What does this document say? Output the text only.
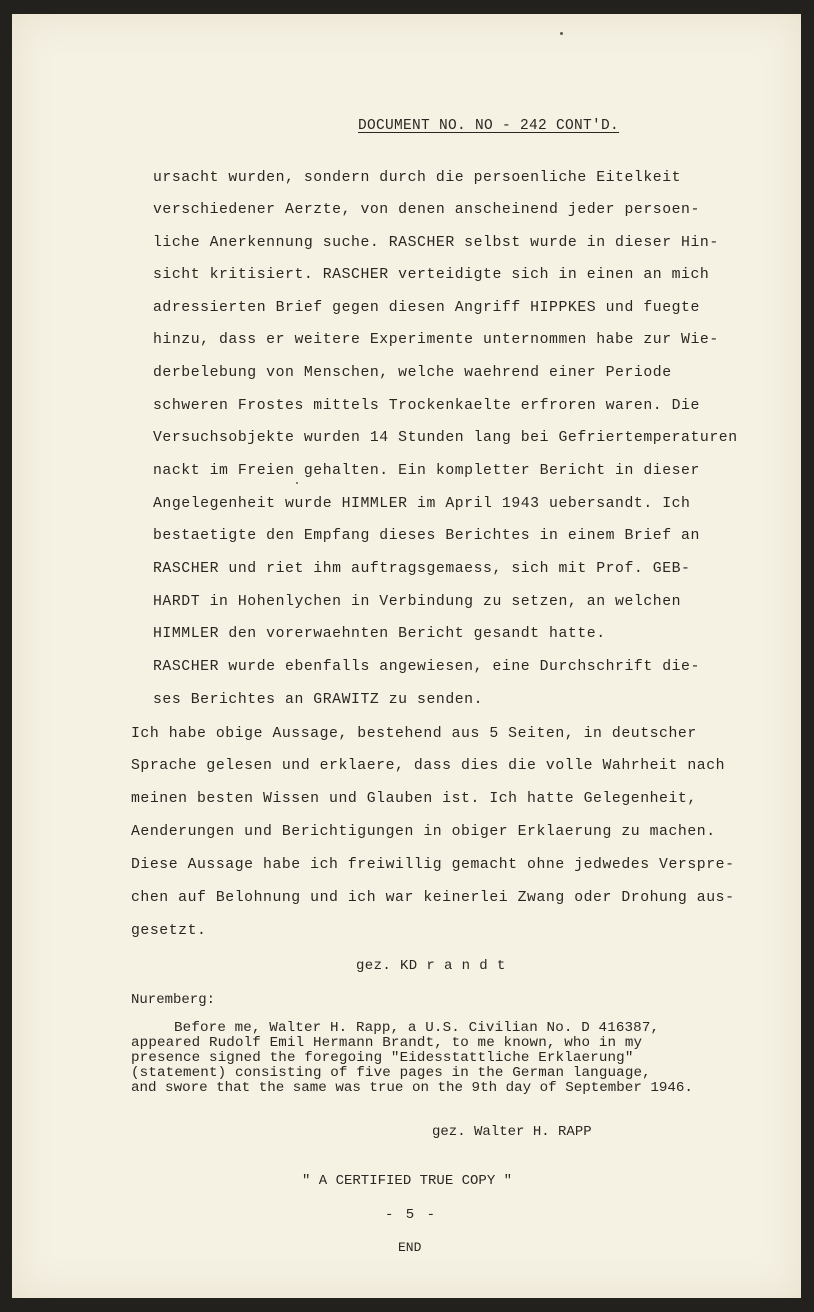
DOCUMENT NO. NO - 242 CONT'D.
ursacht wurden, sondern durch die persoenliche Eitelkeit
verschiedener Aerzte, von denen anscheinend jeder persoen-
liche Anerkennung suche. RASCHER selbst wurde in dieser Hin-
sicht kritisiert. RASCHER verteidigte sich in einen an mich
adressierten Brief gegen diesen Angriff HIPPKES und fuegte
hinzu, dass er weitere Experimente unternommen habe zur Wie-
derbelebung von Menschen, welche waehrend einer Periode
schweren Frostes mittels Trockenkaelte erfroren waren. Die
Versuchsobjekte wurden 14 Stunden lang bei Gefriertemperaturen
nackt im Freien gehalten. Ein kompletter Bericht in dieser
Angelegenheit wurde HIMMLER im April 1943 uebersandt. Ich
bestaetigte den Empfang dieses Berichtes in einem Brief an
RASCHER und riet ihm auftragsgemaess, sich mit Prof. GEB-
HARDT in Hohenlychen in Verbindung zu setzen, an welchen
HIMMLER den vorerwaehnten Bericht gesandt hatte.
RASCHER wurde ebenfalls angewiesen, eine Durchschrift die-
ses Berichtes an GRAWITZ zu senden.
Ich habe obige Aussage, bestehend aus 5 Seiten, in deutscher
Sprache gelesen und erklaere, dass dies die volle Wahrheit nach
meinen besten Wissen und Glauben ist. Ich hatte Gelegenheit,
Aenderungen und Berichtigungen in obiger Erklaerung zu machen.
Diese Aussage habe ich freiwillig gemacht ohne jedwedes Verspre-
chen auf Belohnung und ich war keinerlei Zwang oder Drohung aus-
gesetzt.
gez. KD r a n d t
Nuremberg:
Before me, Walter H. Rapp, a U.S. Civilian No. D 416387,
appeared Rudolf Emil Hermann Brandt, to me known, who in my
presence signed the foregoing "Eidesstattliche Erklaerung"
(statement) consisting of five pages in the German language,
and swore that the same was true on the 9th day of September 1946.
gez. Walter H. RAPP
" A CERTIFIED TRUE COPY "
- 5 -
END
